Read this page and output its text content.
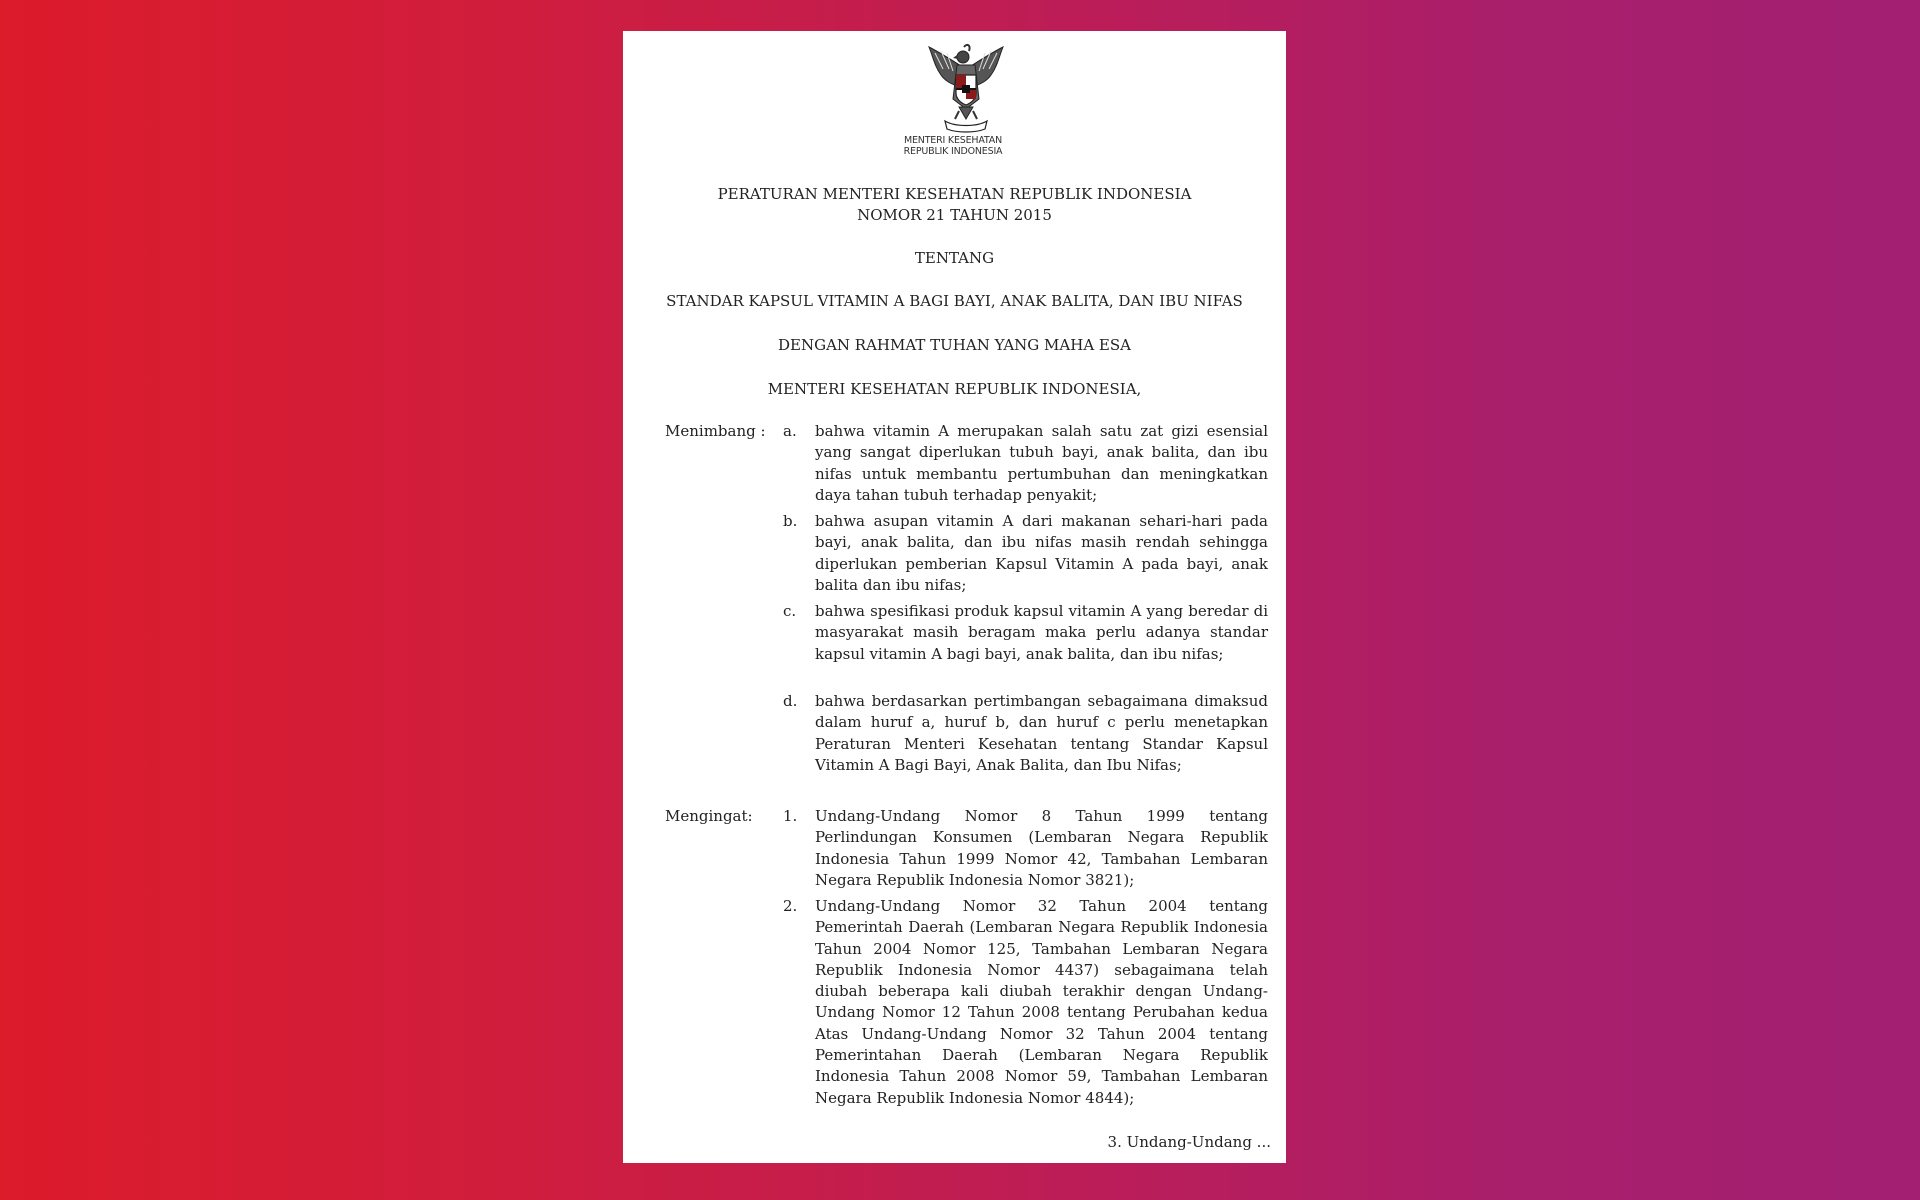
MENTERI KESEHATAN
REPUBLIK INDONESIA
PERATURAN MENTERI KESEHATAN REPUBLIK INDONESIA
NOMOR 21 TAHUN 2015
TENTANG
STANDAR KAPSUL VITAMIN A BAGI BAYI, ANAK BALITA, DAN IBU NIFAS
DENGAN RAHMAT TUHAN YANG MAHA ESA
MENTERI KESEHATAN REPUBLIK INDONESIA,
Menimbang :	a.	bahwa vitamin A merupakan salah satu zat gizi esensial yang sangat diperlukan tubuh bayi, anak balita, dan ibu nifas untuk membantu pertumbuhan dan meningkatkan daya tahan tubuh terhadap penyakit;
b.	bahwa asupan vitamin A dari makanan sehari-hari pada bayi, anak balita, dan ibu nifas masih rendah sehingga diperlukan pemberian Kapsul Vitamin A pada bayi, anak balita dan ibu nifas;
c.	bahwa spesifikasi produk kapsul vitamin A yang beredar di masyarakat masih beragam maka perlu adanya standar kapsul vitamin A bagi bayi, anak balita, dan ibu nifas;
d.	bahwa berdasarkan pertimbangan sebagaimana dimaksud dalam huruf a, huruf b, dan huruf c perlu menetapkan Peraturan Menteri Kesehatan tentang Standar Kapsul Vitamin A Bagi Bayi, Anak Balita, dan Ibu Nifas;
Mengingat:	1.	Undang-Undang Nomor 8 Tahun 1999 tentang Perlindungan Konsumen (Lembaran Negara Republik Indonesia Tahun 1999 Nomor 42, Tambahan Lembaran Negara Republik Indonesia Nomor 3821);
2.	Undang-Undang Nomor 32 Tahun 2004 tentang Pemerintah Daerah (Lembaran Negara Republik Indonesia Tahun 2004 Nomor 125, Tambahan Lembaran Negara Republik Indonesia Nomor 4437) sebagaimana telah diubah beberapa kali diubah terakhir dengan Undang-Undang Nomor 12 Tahun 2008 tentang Perubahan kedua Atas Undang-Undang Nomor 32 Tahun 2004 tentang Pemerintahan Daerah (Lembaran Negara Republik Indonesia Tahun 2008 Nomor 59, Tambahan Lembaran Negara Republik Indonesia Nomor 4844);
3. Undang-Undang ...
